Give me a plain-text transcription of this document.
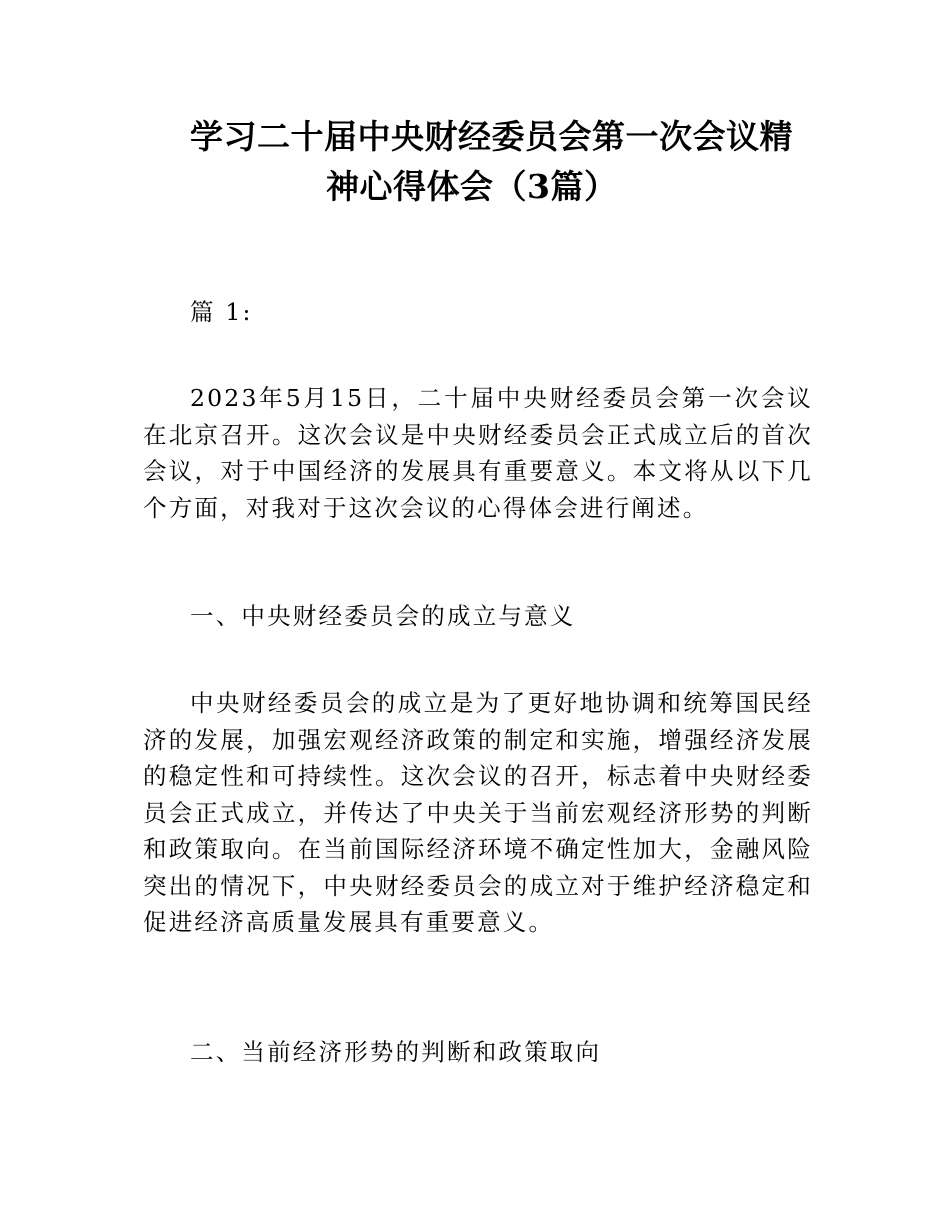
学习二十届中央财经委员会第一次会议精
神心得体会（3篇）

篇 1:

2023年5月15日，二十届中央财经委员会第一次会议在北京召开。这次会议是中央财经委员会正式成立后的首次会议，对于中国经济的发展具有重要意义。本文将从以下几个方面，对我对于这次会议的心得体会进行阐述。

一、中央财经委员会的成立与意义

中央财经委员会的成立是为了更好地协调和统筹国民经济的发展，加强宏观经济政策的制定和实施，增强经济发展的稳定性和可持续性。这次会议的召开，标志着中央财经委员会正式成立，并传达了中央关于当前宏观经济形势的判断和政策取向。在当前国际经济环境不确定性加大，金融风险突出的情况下，中央财经委员会的成立对于维护经济稳定和促进经济高质量发展具有重要意义。

二、当前经济形势的判断和政策取向
